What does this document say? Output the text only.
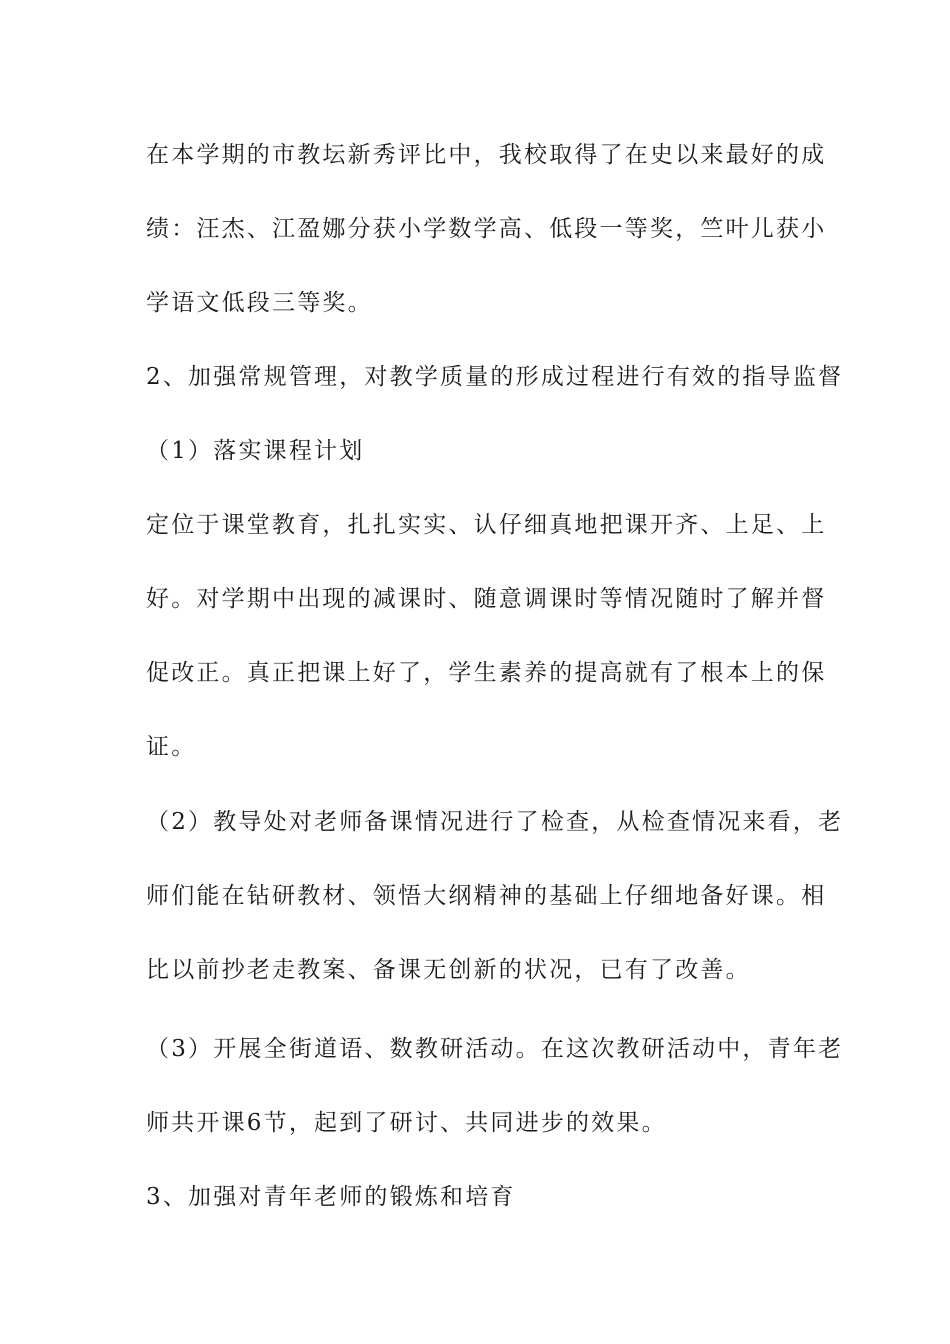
在本学期的市教坛新秀评比中，我校取得了在史以来最好的成
绩：汪杰、江盈娜分获小学数学高、低段一等奖，竺叶儿获小
学语文低段三等奖。
2、加强常规管理，对教学质量的形成过程进行有效的指导监督
（1）落实课程计划
定位于课堂教育，扎扎实实、认仔细真地把课开齐、上足、上
好。对学期中出现的减课时、随意调课时等情况随时了解并督
促改正。真正把课上好了，学生素养的提高就有了根本上的保
证。
（2）教导处对老师备课情况进行了检查，从检查情况来看，老
师们能在钻研教材、领悟大纲精神的基础上仔细地备好课。相
比以前抄老走教案、备课无创新的状况，已有了改善。
（3）开展全街道语、数教研活动。在这次教研活动中，青年老
师共开课6节，起到了研讨、共同进步的效果。
3、加强对青年老师的锻炼和培育
